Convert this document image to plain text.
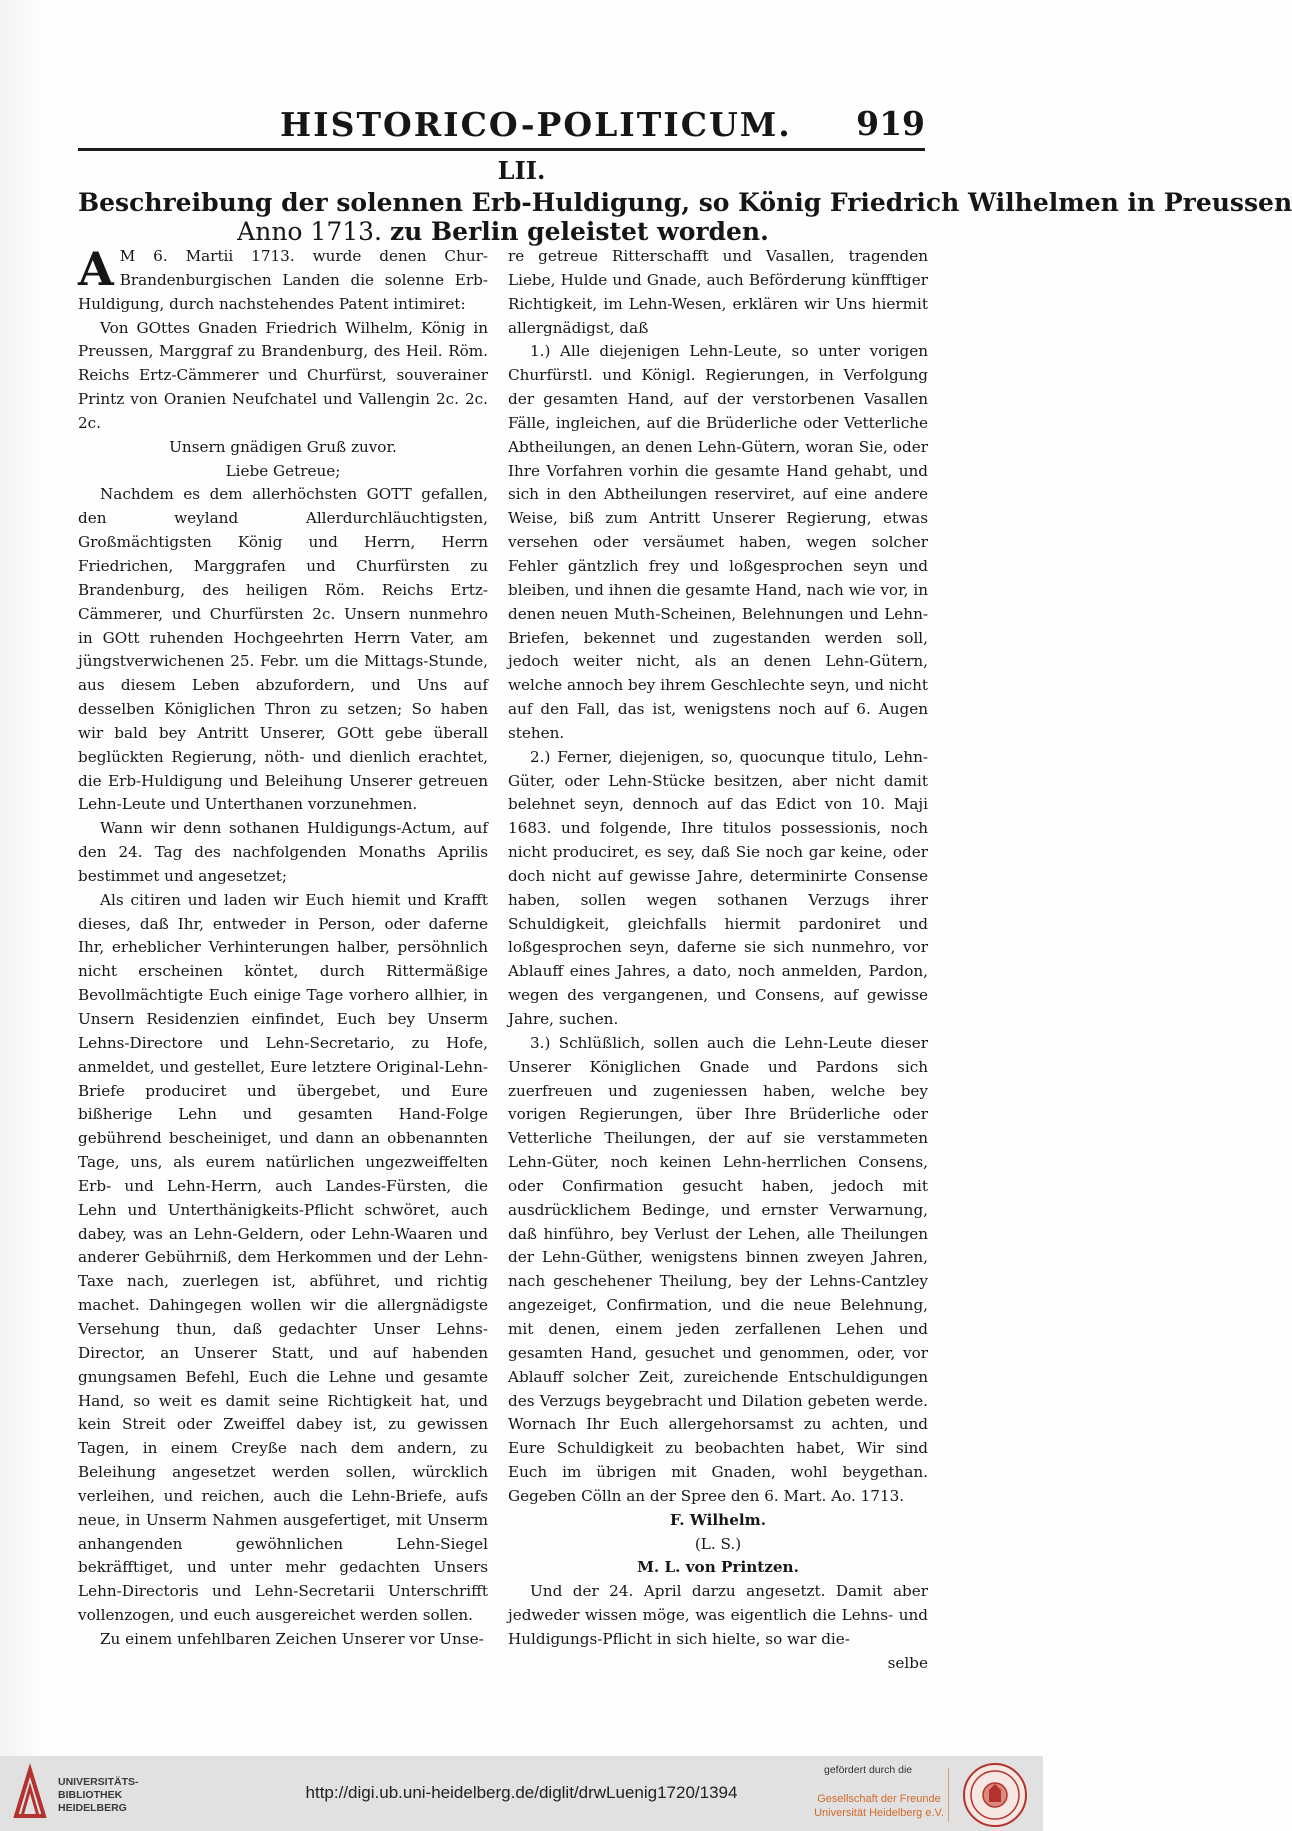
HISTORICO-POLITICUM. 919
LII.
Beschreibung der solennen Erb-Huldigung, so König Friedrich Wilhelmen in Preussen
Anno 1713. zu Berlin geleistet worden.

A M 6. Martii 1713. wurde denen Chur-Brandenburgischen Landen die solenne Erb-Huldigung, durch nachstehendes Patent intimiret:

Von GOttes Gnaden Friedrich Wilhelm, König in Preussen, Marggraf zu Brandenburg, des Heil. Röm. Reichs Ertz-Cämmerer und Churfürst, souverainer Printz von Oranien Neufchatel und Vallengin 2c. 2c. 2c.

Unsern gnädigen Gruß zuvor.

Liebe Getreue;

Nachdem es dem allerhöchsten GOTT gefallen, den weyland Allerdurchläuchtigsten, Großmächtigsten König und Herrn, Herrn Friedrichen, Marggrafen und Churfürsten zu Brandenburg, des heiligen Röm. Reichs Ertz-Cämmerer, und Churfürsten 2c. Unsern nunmehro in GOtt ruhenden Hochgeehrten Herrn Vater, am jüngstverwichenen 25. Febr. um die Mittags-Stunde, aus diesem Leben abzufordern, und Uns auf desselben Königlichen Thron zu setzen; So haben wir bald bey Antritt Unserer, GOtt gebe überall beglückten Regierung, nöth- und dienlich erachtet, die Erb-Huldigung und Beleihung Unserer getreuen Lehn-Leute und Unterthanen vorzunehmen.

Wann wir denn sothanen Huldigungs-Actum, auf den 24. Tag des nachfolgenden Monaths Aprilis bestimmet und angesetzet;

Als citiren und laden wir Euch hiemit und Krafft dieses, daß Ihr, entweder in Person, oder daferne Ihr, erheblicher Verhinterungen halber, persöhnlich nicht erscheinen köntet, durch Rittermäßige Bevollmächtigte Euch einige Tage vorhero allhier, in Unsern Residenzien einfindet, Euch bey Unserm Lehns-Directore und Lehn-Secretario, zu Hofe, anmeldet, und gestellet, Eure letztere Original-Lehn-Briefe produciret und übergebet, und Eure bißherige Lehn und gesamten Hand-Folge gebührend bescheiniget, und dann an obbenannten Tage, uns, als eurem natürlichen ungezweiffelten Erb- und Lehn-Herrn, auch Landes-Fürsten, die Lehn und Unterthänigkeits-Pflicht schwöret, auch dabey, was an Lehn-Geldern, oder Lehn-Waaren und anderer Gebührniß, dem Herkommen und der Lehn-Taxe nach, zuerlegen ist, abführet, und richtig machet. Dahingegen wollen wir die allergnädigste Versehung thun, daß gedachter Unser Lehns-Director, an Unserer Statt, und auf habenden gnungsamen Befehl, Euch die Lehne und gesamte Hand, so weit es damit seine Richtigkeit hat, und kein Streit oder Zweiffel dabey ist, zu gewissen Tagen, in einem Creyße nach dem andern, zu Beleihung angesetzet werden sollen, würcklich verleihen, und reichen, auch die Lehn-Briefe, aufs neue, in Unserm Nahmen ausgefertiget, mit Unserm anhangenden gewöhnlichen Lehn-Siegel bekräfftiget, und unter mehr gedachten Unsers Lehn-Directoris und Lehn-Secretarii Unterschrifft vollenzogen, und euch ausgereichet werden sollen.

Zu einem unfehlbaren Zeichen Unserer vor Unse-

re getreue Ritterschafft und Vasallen, tragenden Liebe, Hulde und Gnade, auch Beförderung künfftiger Richtigkeit, im Lehn-Wesen, erklären wir Uns hiermit allergnädigst, daß

1.) Alle diejenigen Lehn-Leute, so unter vorigen Churfürstl. und Königl. Regierungen, in Verfolgung der gesamten Hand, auf der verstorbenen Vasallen Fälle, ingleichen, auf die Brüderliche oder Vetterliche Abtheilungen, an denen Lehn-Gütern, woran Sie, oder Ihre Vorfahren vorhin die gesamte Hand gehabt, und sich in den Abtheilungen reserviret, auf eine andere Weise, biß zum Antritt Unserer Regierung, etwas versehen oder versäumet haben, wegen solcher Fehler gäntzlich frey und loßgesprochen seyn und bleiben, und ihnen die gesamte Hand, nach wie vor, in denen neuen Muth-Scheinen, Belehnungen und Lehn-Briefen, bekennet und zugestanden werden soll, jedoch weiter nicht, als an denen Lehn-Gütern, welche annoch bey ihrem Geschlechte seyn, und nicht auf den Fall, das ist, wenigstens noch auf 6. Augen stehen.

2.) Ferner, diejenigen, so, quocunque titulo, Lehn-Güter, oder Lehn-Stücke besitzen, aber nicht damit belehnet seyn, dennoch auf das Edict von 10. Maji 1683. und folgende, Ihre titulos possessionis, noch nicht produciret, es sey, daß Sie noch gar keine, oder doch nicht auf gewisse Jahre, determinirte Consense haben, sollen wegen sothanen Verzugs ihrer Schuldigkeit, gleichfalls hiermit pardoniret und loßgesprochen seyn, daferne sie sich nunmehro, vor Ablauff eines Jahres, a dato, noch anmelden, Pardon, wegen des vergangenen, und Consens, auf gewisse Jahre, suchen.

3.) Schlüßlich, sollen auch die Lehn-Leute dieser Unserer Königlichen Gnade und Pardons sich zuerfreuen und zugeniessen haben, welche bey vorigen Regierungen, über Ihre Brüderliche oder Vetterliche Theilungen, der auf sie verstammeten Lehn-Güter, noch keinen Lehn-herrlichen Consens, oder Confirmation gesucht haben, jedoch mit ausdrücklichem Bedinge, und ernster Verwarnung, daß hinführo, bey Verlust der Lehen, alle Theilungen der Lehn-Güther, wenigstens binnen zweyen Jahren, nach geschehener Theilung, bey der Lehns-Cantzley angezeiget, Confirmation, und die neue Belehnung, mit denen, einem jeden zerfallenen Lehen und gesamten Hand, gesuchet und genommen, oder, vor Ablauff solcher Zeit, zureichende Entschuldigungen des Verzugs beygebracht und Dilation gebeten werde. Wornach Ihr Euch allergehorsamst zu achten, und Eure Schuldigkeit zu beobachten habet, Wir sind Euch im übrigen mit Gnaden, wohl beygethan. Gegeben Cölln an der Spree den 6. Mart. Ao. 1713.

F. Wilhelm.

(L. S.)

M. L. von Printzen.

Und der 24. April darzu angesetzt. Damit aber jedweder wissen möge, was eigentlich die Lehns- und Huldigungs-Pflicht in sich hielte, so war die-

selbe

UNIVERSITÄTS-
BIBLIOTHEK
HEIDELBERG
http://digi.ub.uni-heidelberg.de/diglit/drwLuenig1720/1394
gefördert durch die
Gesellschaft der Freunde
Universität Heidelberg e.V.
